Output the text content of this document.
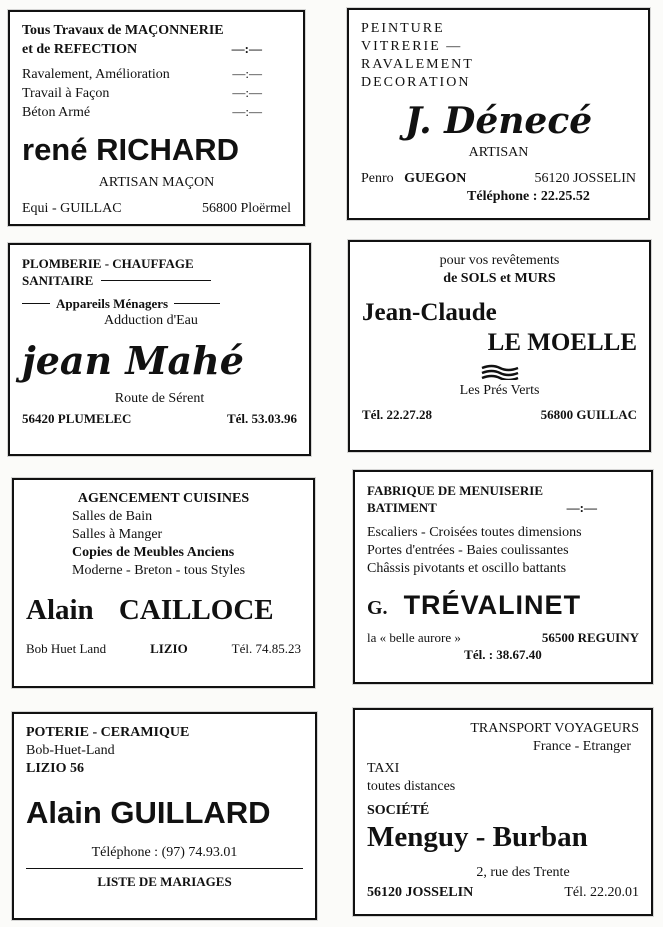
Tous Travaux de MAÇONNERIE
et de REFECTION	—:—
Ravalement, Amélioration	—:—
Travail à Façon	—:—
Béton Armé	—:—
rené RICHARD
ARTISAN MAÇON
Equi - GUILLAC	56800 Ploërmel
PEINTURE
VITRERIE —
RAVALEMENT
DECORATION
J. Dénecé
ARTISAN
Penro GUEGON	56120 JOSSELIN
Téléphone : 22.25.52
PLOMBERIE - CHAUFFAGE
SANITAIRE
Appareils Ménagers
Adduction d'Eau
jean Mahé
Route de Sérent
56420 PLUMELEC	Tél. 53.03.96
pour vos revêtements
de SOLS et MURS
Jean-Claude
LE MOELLE
Les Prés Verts
Tél. 22.27.28	56800 GUILLAC
AGENCEMENT CUISINES
Salles de Bain
Salles à Manger
Copies de Meubles Anciens
Moderne - Breton - tous Styles
Alain CAILLOCE
Bob Huet Land	LIZIO	Tél. 74.85.23
FABRIQUE DE MENUISERIE
BATIMENT	—:—
Escaliers - Croisées toutes dimensions
Portes d'entrées - Baies coulissantes
Châssis pivotants et oscillo battants
G. TRÉVALINET
la « belle aurore »	56500 REGUINY
Tél. : 38.67.40
POTERIE - CERAMIQUE
Bob-Huet-Land
LIZIO 56
Alain GUILLARD
Téléphone : (97) 74.93.01
LISTE DE MARIAGES
TRANSPORT VOYAGEURS
France - Etranger
TAXI
toutes distances
SOCIÉTÉ
Menguy - Burban
2, rue des Trente
56120 JOSSELIN	Tél. 22.20.01
